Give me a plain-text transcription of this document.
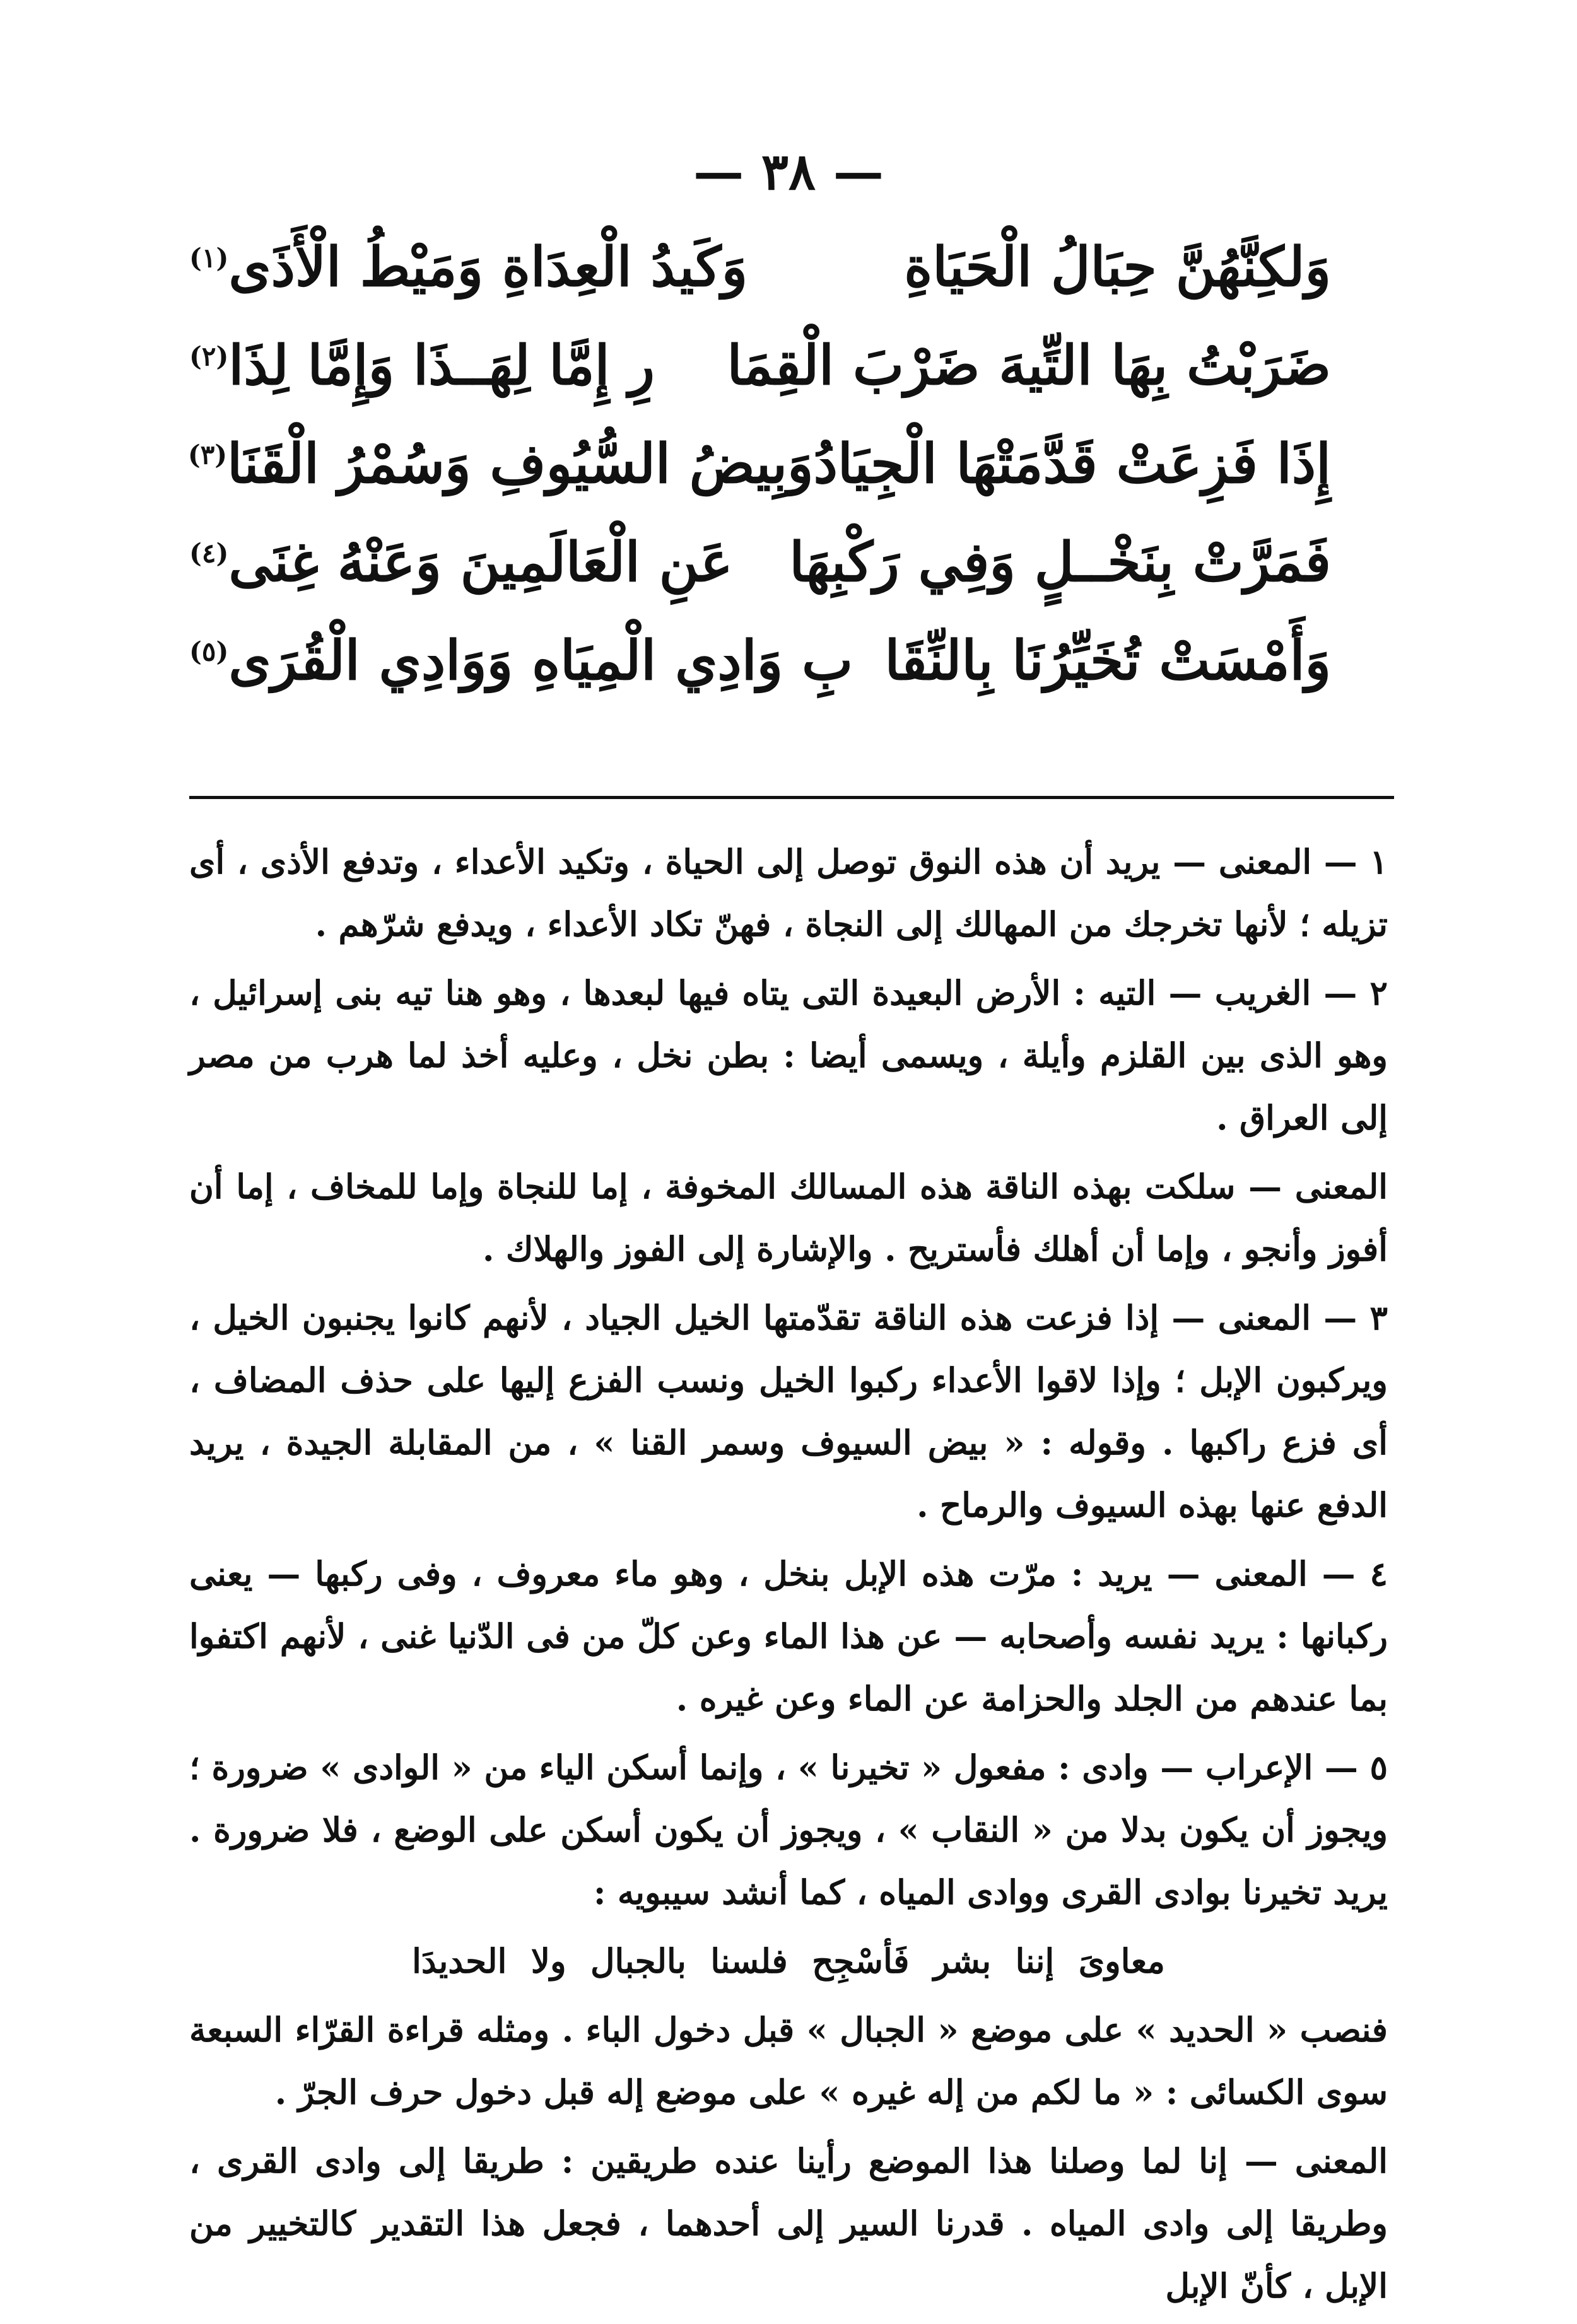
— ٣٨ —
وَلكِنَّهُنَّ حِبَالُ الْحَيَاةِ
وَكَيدُ الْعِدَاةِ وَمَيْطُ الْأَذَى$^{(١)}$
ضَرَبْتُ بِهَا التِّيهَ ضَرْبَ الْقِمَا
رِ إِمَّا لِهَــذَا وَإِمَّا لِذَا$^{(٢)}$
إِذَا فَزِعَتْ قَدَّمَتْهَا الْجِيَادُ
وَبِيضُ السُّيُوفِ وَسُمْرُ الْقَنَا$^{(٣)}$
فَمَرَّتْ بِنَخْــلٍ وَفِي رَكْبِهَا
عَنِ الْعَالَمِينَ وَعَنْهُ غِنَى$^{(٤)}$
وَأَمْسَتْ تُخَيِّرُنَا بِالنِّقَا
بِ وَادِي الْمِيَاهِ وَوَادِي الْقُرَى$^{(٥)}$

١ — المعنى — يريد أن هذه النوق توصل إلى الحياة ، وتكيد الأعداء ، وتدفع الأذى ، أى تزيله ؛ لأنها تخرجك من المهالك إلى النجاة ، فهنّ تكاد الأعداء ، ويدفع شرّهم .

٢ — الغريب — التيه : الأرض البعيدة التى يتاه فيها لبعدها ، وهو هنا تيه بنى إسرائيل ، وهو الذى بين القلزم وأيلة ، ويسمى أيضا : بطن نخل ، وعليه أخذ لما هرب من مصر إلى العراق .

المعنى — سلكت بهذه الناقة هذه المسالك المخوفة ، إما للنجاة وإما للمخاف ، إما أن أفوز وأنجو ، وإما أن أهلك فأستريح . والإشارة إلى الفوز والهلاك .

٣ — المعنى — إذا فزعت هذه الناقة تقدّمتها الخيل الجياد ، لأنهم كانوا يجنبون الخيل ، ويركبون الإبل ؛ وإذا لاقوا الأعداء ركبوا الخيل ونسب الفزع إليها على حذف المضاف ، أى فزع راكبها . وقوله : « بيض السيوف وسمر القنا » ، من المقابلة الجيدة ، يريد الدفع عنها بهذه السيوف والرماح .

٤ — المعنى — يريد : مرّت هذه الإبل بنخل ، وهو ماء معروف ، وفى ركبها — يعنى ركبانها : يريد نفسه وأصحابه — عن هذا الماء وعن كلّ من فى الدّنيا غنى ، لأنهم اكتفوا بما عندهم من الجلد والحزامة عن الماء وعن غيره .

٥ — الإعراب — وادى : مفعول « تخيرنا » ، وإنما أسكن الياء من « الوادى » ضرورة ؛ ويجوز أن يكون بدلا من « النقاب » ، ويجوز أن يكون أسكن على الوضع ، فلا ضرورة . يريد تخيرنا بوادى القرى ووادى المياه ، كما أنشد سيبويه :

معاوىَ إننا بشر فَأسْجِح فلسنا بالجبال ولا الحديدَا

فنصب « الحديد » على موضع « الجبال » قبل دخول الباء . ومثله قراءة القرّاء السبعة سوى الكسائى : « ما لكم من إله غيره » على موضع إله قبل دخول حرف الجرّ .

المعنى — إنا لما وصلنا هذا الموضع رأينا عنده طريقين : طريقا إلى وادى القرى ، وطريقا إلى وادى المياه . قدرنا السير إلى أحدهما ، فجعل هذا التقدير كالتخيير من الإبل ، كأنّ الإبل
